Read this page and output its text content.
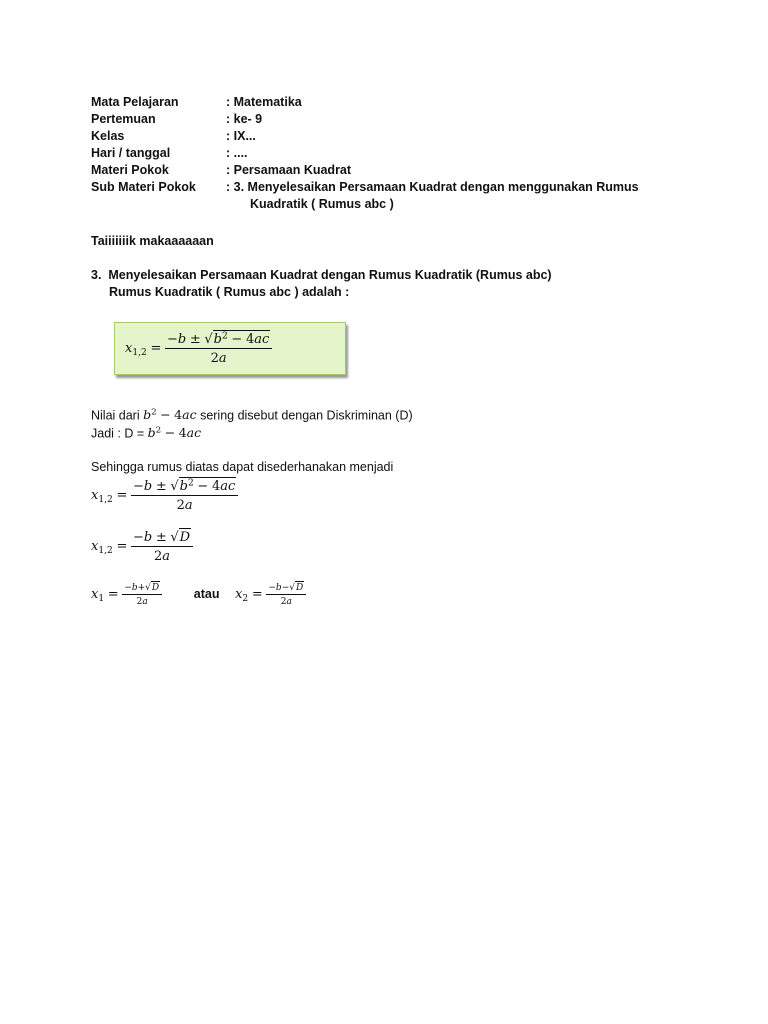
Mata Pelajaran	: Matematika
Pertemuan	: ke- 9
Kelas	: IX...
Hari / tanggal	: ....
Materi Pokok	: Persamaan Kuadrat
Sub Materi Pokok : 3. Menyelesaikan Persamaan Kuadrat dengan menggunakan Rumus
Kuadratik ( Rumus abc )
Taiiiiiiik makaaaaaan
3. Menyelesaikan Persamaan Kuadrat dengan Rumus Kuadratik (Rumus abc)
Rumus Kuadratik ( Rumus abc ) adalah :
$x_{1,2} = \frac{-b \pm √b^2 - 4ac}{2a}$
Nilai dari $b^2 - 4ac$ sering disebut dengan Diskriminan (D)
Jadi : $D = b^2 - 4ac$
Sehingga rumus diatas dapat disederhanakan menjadi
$x_{1,2} = \frac{-b \pm √b^2 - 4ac}{2a}$
$x_{1,2} = \frac{-b \pm √D}{2a}$
$x_1 = \frac{-b+√D}{2a}$	atau $x_2 = \frac{-b-√D}{2a}$
